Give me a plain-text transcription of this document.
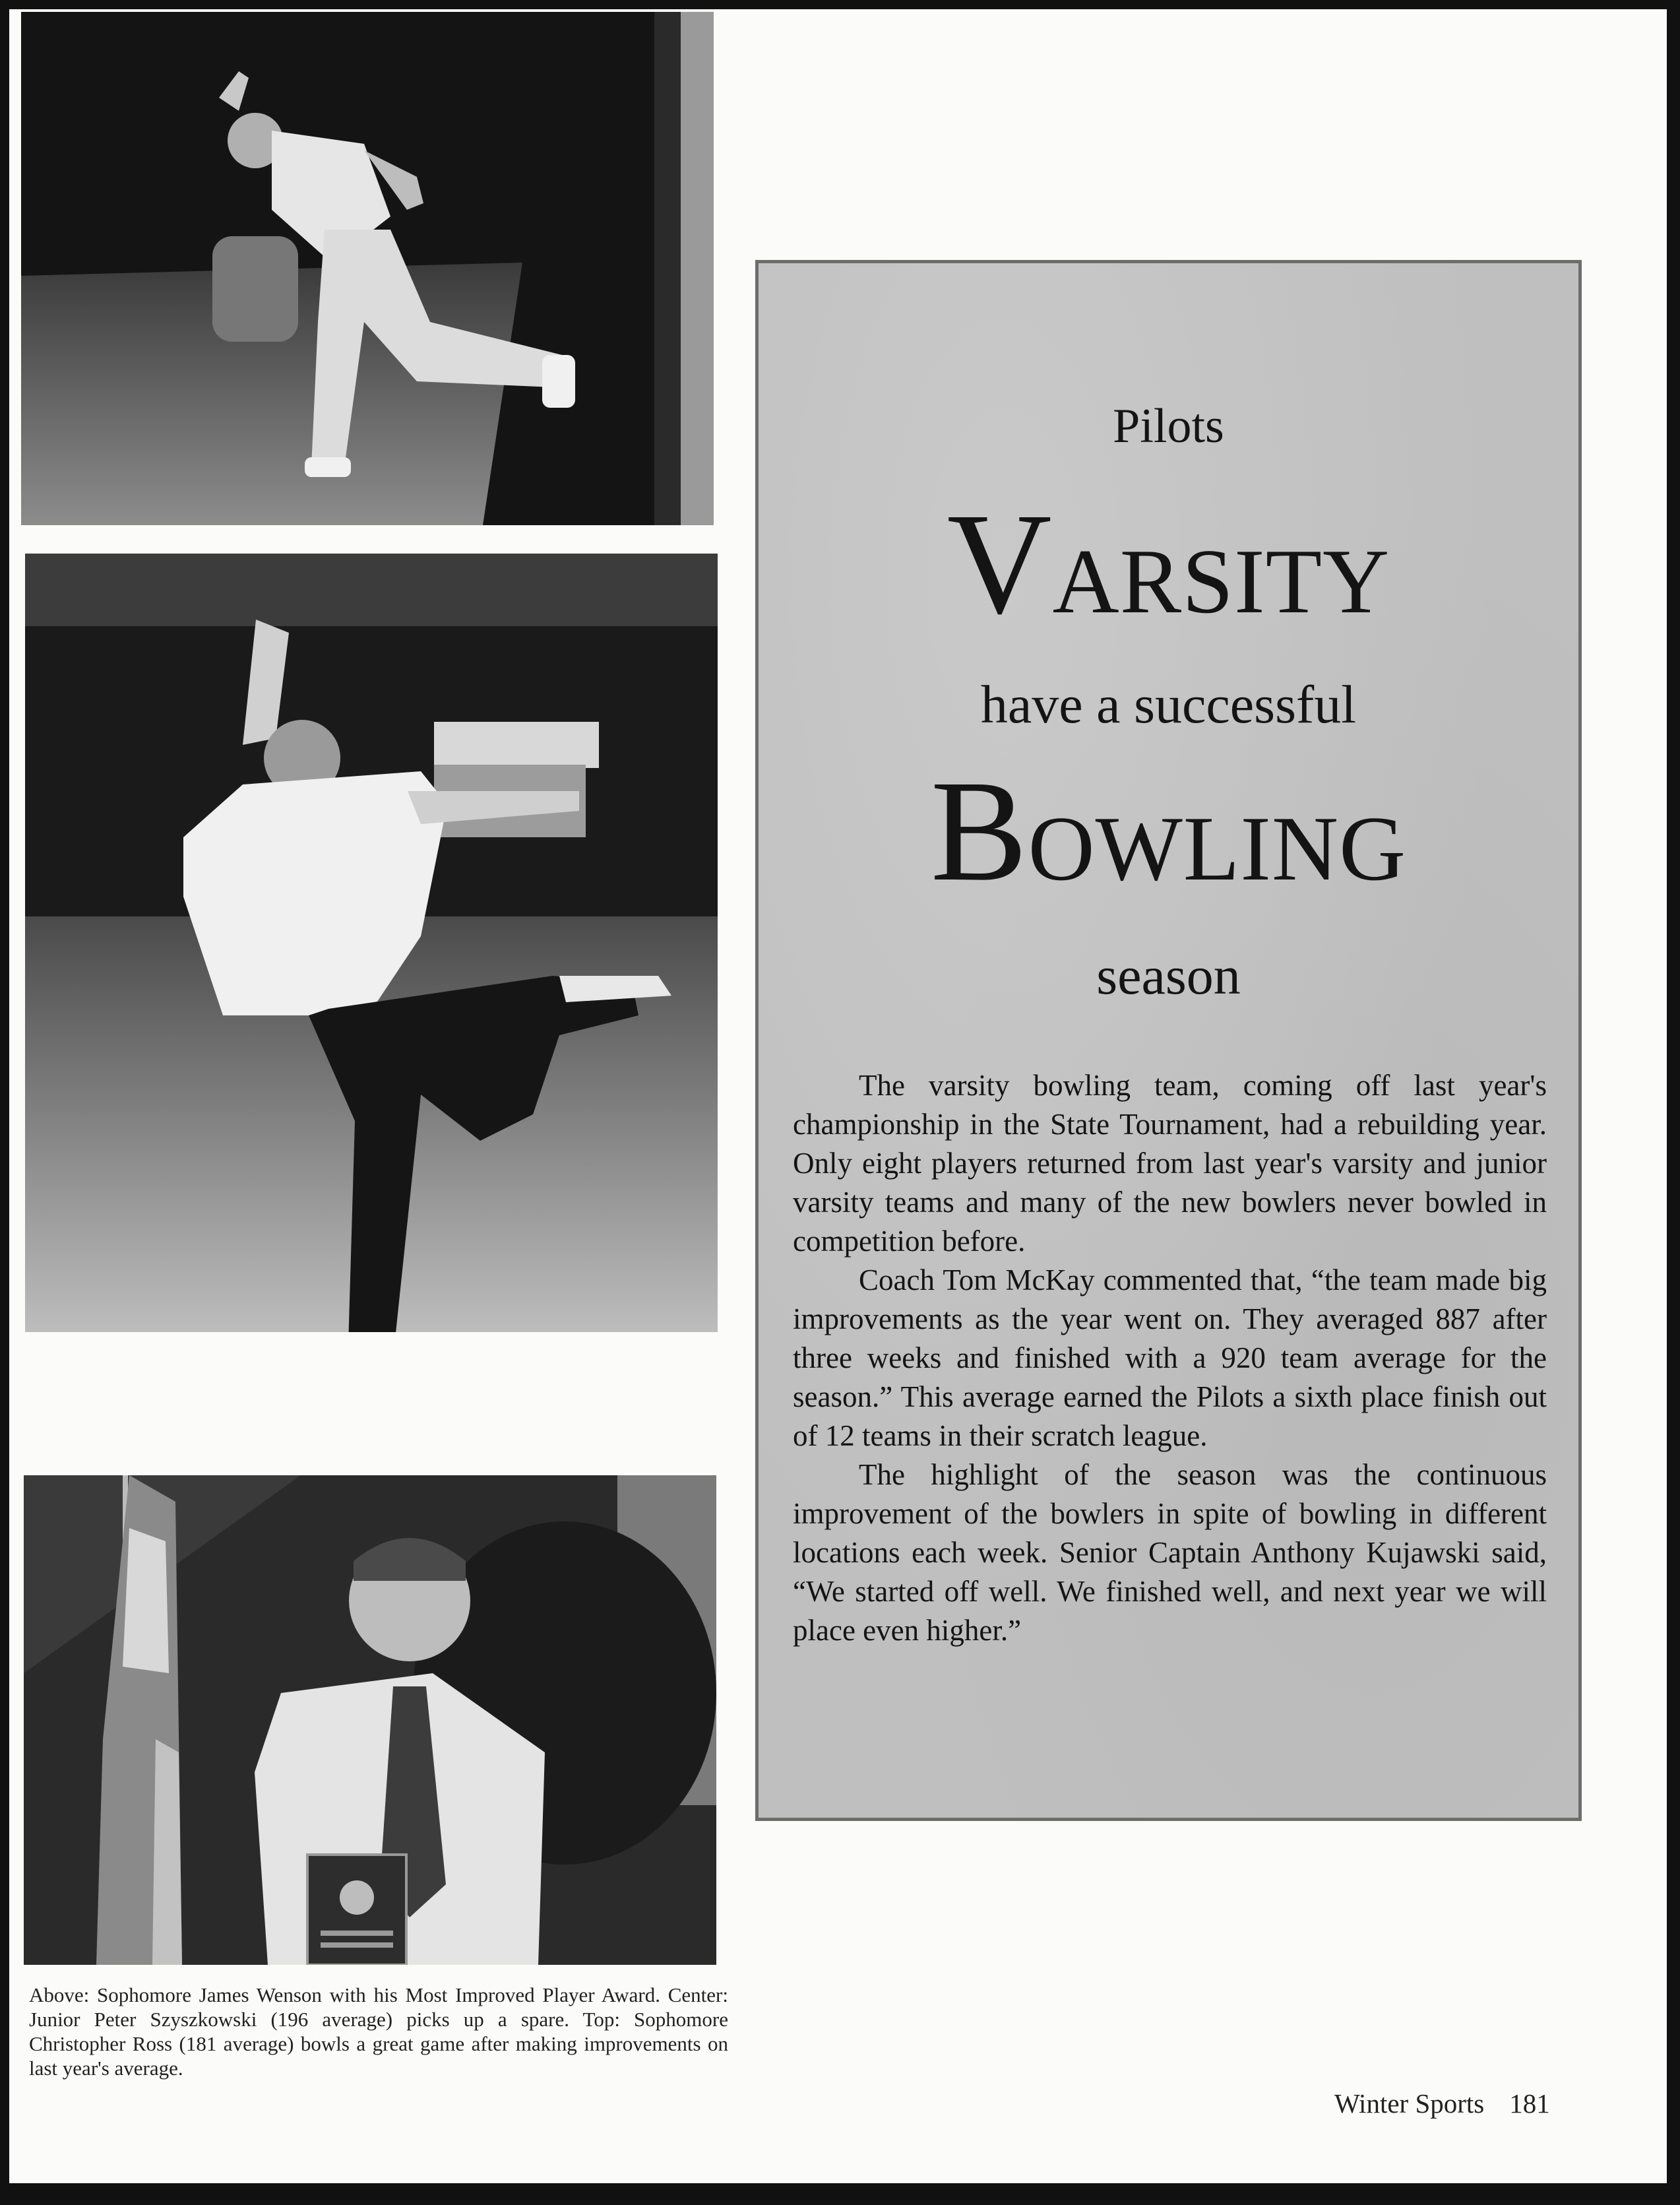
Pilots
VARSITY
have a successful
BOWLING
season

The varsity bowling team, coming off last year's championship in the State Tournament, had a rebuilding year. Only eight players returned from last year's varsity and junior varsity teams and many of the new bowlers never bowled in competition before.

Coach Tom McKay commented that, “the team made big improvements as the year went on. They averaged 887 after three weeks and finished with a 920 team average for the season.” This average earned the Pilots a sixth place finish out of 12 teams in their scratch league.

The highlight of the season was the continuous improvement of the bowlers in spite of bowling in different locations each week. Senior Captain Anthony Kujawski said, “We started off well. We finished well, and next year we will place even higher.”

Above: Sophomore James Wenson with his Most Improved Player Award. Center: Junior Peter Szyszkowski (196 average) picks up a spare. Top: Sophomore Christopher Ross (181 average) bowls a great game after making improvements on last year's average.
Winter Sports 181
